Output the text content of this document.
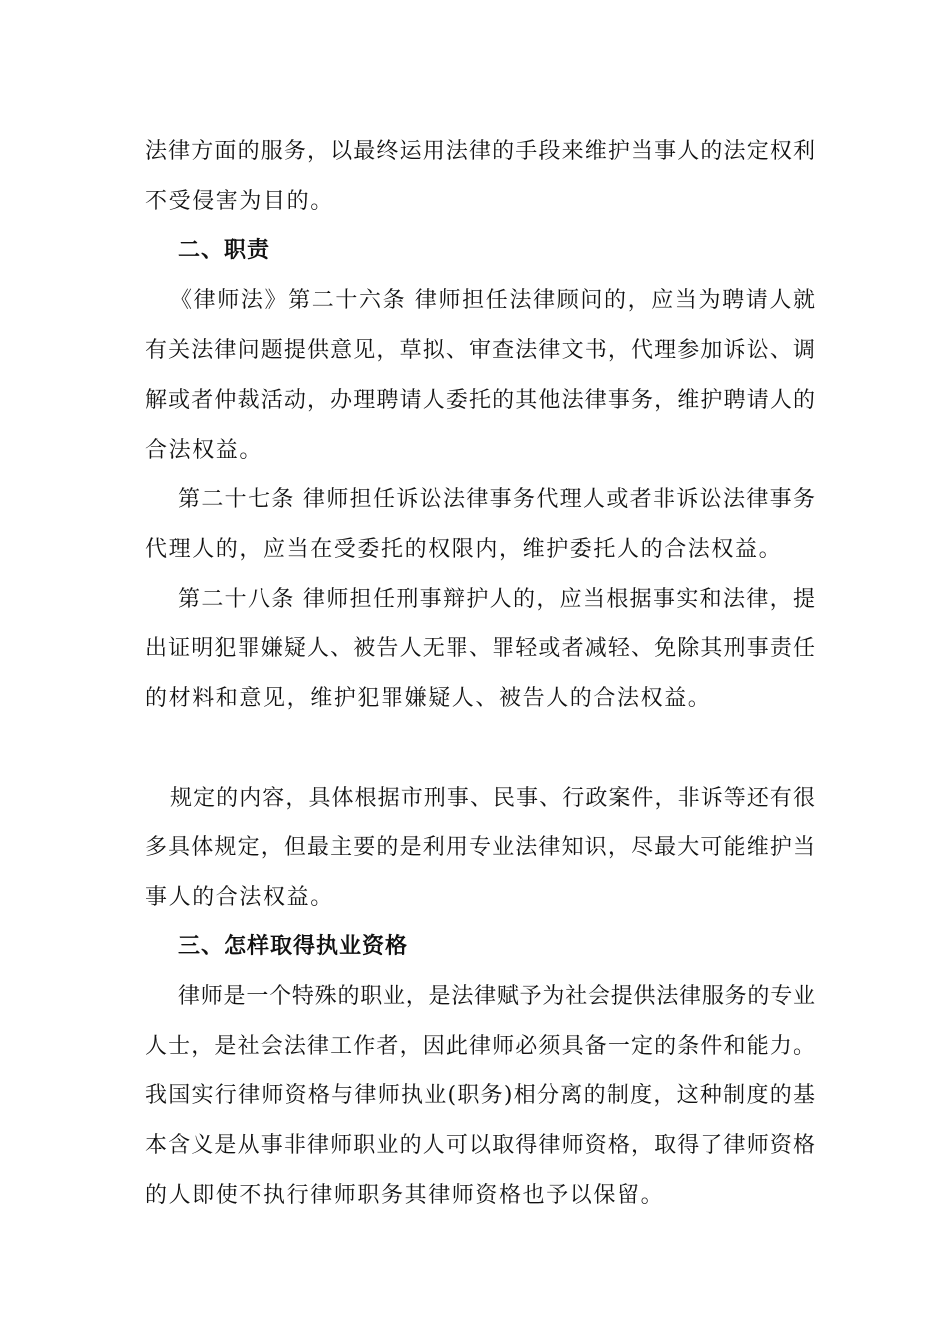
法律方面的服务，以最终运用法律的手段来维护当事人的法定权利
不受侵害为目的。
二、职责
《律师法》第二十六条 律师担任法律顾问的，应当为聘请人就
有关法律问题提供意见，草拟、审查法律文书，代理参加诉讼、调
解或者仲裁活动，办理聘请人委托的其他法律事务，维护聘请人的
合法权益。
第二十七条 律师担任诉讼法律事务代理人或者非诉讼法律事务
代理人的，应当在受委托的权限内，维护委托人的合法权益。
第二十八条 律师担任刑事辩护人的，应当根据事实和法律，提
出证明犯罪嫌疑人、被告人无罪、罪轻或者减轻、免除其刑事责任
的材料和意见，维护犯罪嫌疑人、被告人的合法权益。
规定的内容，具体根据市刑事、民事、行政案件，非诉等还有很
多具体规定，但最主要的是利用专业法律知识，尽最大可能维护当
事人的合法权益。
三、怎样取得执业资格
律师是一个特殊的职业，是法律赋予为社会提供法律服务的专业
人士，是社会法律工作者，因此律师必须具备一定的条件和能力。
我国实行律师资格与律师执业(职务)相分离的制度，这种制度的基
本含义是从事非律师职业的人可以取得律师资格，取得了律师资格
的人即使不执行律师职务其律师资格也予以保留。
